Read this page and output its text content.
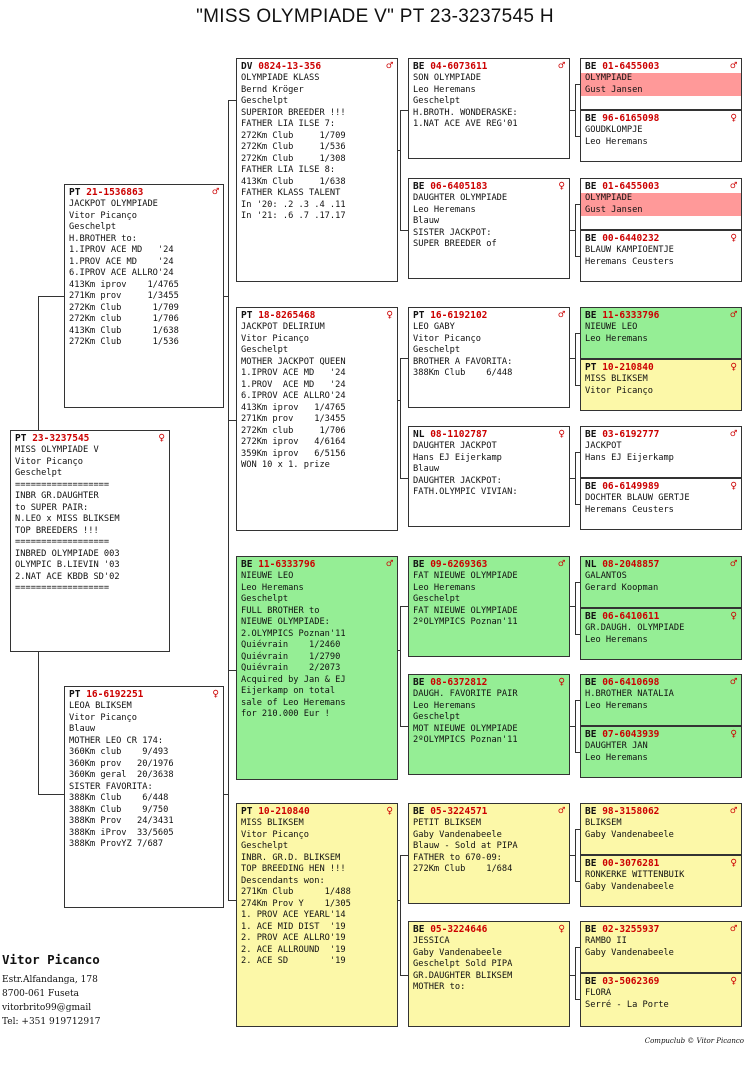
"MISS OLYMPIADE V" PT 23-3237545 H
PT 23-3237545	♀
MISS OLYMPIADE V
Vitor Picanço
Geschelpt
==================
INBR GR.DAUGHTER
to SUPER PAIR:
N.LEO x MISS BLIKSEM
TOP BREEDERS !!!
==================
INBRED OLYMPIADE 003
OLYMPIC B.LIEVIN '03
2.NAT ACE KBDB SD'02
==================
PT 21-1536863	♂
JACKPOT OLYMPIADE
Vitor Picanço
Geschelpt
H.BROTHER to:
1.IPROV ACE MD   '24
1.PROV ACE MD    '24
6.IPROV ACE ALLRO'24
413Km iprov    1/4765
271Km prov     1/3455
272Km Club      1/709
272Km club      1/706
413Km Club      1/638
272Km Club      1/536
PT 16-6192251	♀
LEOA BLIKSEM
Vitor Picanço
Blauw
MOTHER LEO CR 174:
360Km club    9/493
360Km prov   20/1976
360Km geral  20/3638
SISTER FAVORITA:
388Km Club    6/448
388Km Club    9/750
388Km Prov   24/3431
388Km iProv  33/5605
388Km ProvYZ 7/687
DV 0824-13-356	♂
OLYMPIADE KLASS
Bernd Kröger
Geschelpt
SUPERIOR BREEDER !!!
FATHER LIA ILSE 7:
272Km Club     1/709
272Km Club     1/536
272Km Club     1/308
FATHER LIA ILSE 8:
413Km Club     1/638
FATHER KLASS TALENT
In '20: .2 .3 .4 .11
In '21: .6 .7 .17.17
PT 18-8265468	♀
JACKPOT DELIRIUM
Vitor Picanço
Geschelpt
MOTHER JACKPOT QUEEN
1.IPROV ACE MD   '24
1.PROV  ACE MD   '24
6.IPROV ACE ALLRO'24
413Km iprov   1/4765
271Km prov    1/3455
272Km club     1/706
272Km iprov   4/6164
359Km iprov   6/5156
WON 10 x 1. prize
BE 11-6333796	♂
NIEUWE LEO
Leo Heremans
Geschelpt
FULL BROTHER to
NIEUWE OLYMPIADE:
2.OLYMPICS Poznan'11
Quiévrain    1/2460
Quiévrain    1/2790
Quiévrain    2/2073
Acquired by Jan & EJ
Eijerkamp on total
sale of Leo Heremans
for 210.000 Eur !
PT 10-210840	♀
MISS BLIKSEM
Vitor Picanço
Geschelpt
INBR. GR.D. BLIKSEM
TOP BREEDING HEN !!!
Descendants won:
271Km Club      1/488
274Km Prov Y    1/305
1. PROV ACE YEARL'14
1. ACE MID DIST  '19
2. PROV ACE ALLRO'19
2. ACE ALLROUND  '19
2. ACE SD        '19
BE 04-6073611	♂
SON OLYMPIADE
Leo Heremans
Geschelpt
H.BROTH. WONDERASKE:
1.NAT ACE AVE REG'01
BE 06-6405183	♀
DAUGHTER OLYMPIADE
Leo Heremans
Blauw
SISTER JACKPOT:
SUPER BREEDER of
PT 16-6192102	♂
LEO GABY
Vitor Picanço
Geschelpt
BROTHER A FAVORITA:
388Km Club    6/448
NL 08-1102787	♀
DAUGHTER JACKPOT
Hans EJ Eijerkamp
Blauw
DAUGHTER JACKPOT:
FATH.OLYMPIC VIVIAN:
BE 09-6269363	♂
FAT NIEUWE OLYMPIADE
Leo Heremans
Geschelpt
FAT NIEUWE OLYMPIADE
2ºOLYMPICS Poznan'11
BE 08-6372812	♀
DAUGH. FAVORITE PAIR
Leo Heremans
Geschelpt
MOT NIEUWE OLYMPIADE
2ºOLYMPICS Poznan'11
BE 05-3224571	♂
PETIT BLIKSEM
Gaby Vandenabeele
Blauw - Sold at PIPA
FATHER to 670-09:
272Km Club    1/684
BE 05-3224646	♀
JESSICA
Gaby Vandenabeele
Geschelpt Sold PIPA
GR.DAUGHTER BLIKSEM
MOTHER to:
BE 01-6455003	♂
OLYMPIADE
Gust Jansen
BE 96-6165098	♀
GOUDKLOMPJE
Leo Heremans
BE 01-6455003	♂
OLYMPIADE
Gust Jansen
BE 00-6440232	♀
BLAUW KAMPIOENTJE
Heremans Ceusters
BE 11-6333796	♂
NIEUWE LEO
Leo Heremans
PT 10-210840	♀
MISS BLIKSEM
Vitor Picanço
BE 03-6192777	♂
JACKPOT
Hans EJ Eijerkamp
BE 06-6149989	♀
DOCHTER BLAUW GERTJE
Heremans Ceusters
NL 08-2048857	♂
GALANTOS
Gerard Koopman
BE 06-6410611	♀
GR.DAUGH. OLYMPIADE
Leo Heremans
BE 06-6410698	♂
H.BROTHER NATALIA
Leo Heremans
BE 07-6043939	♀
DAUGHTER JAN
Leo Heremans
BE 98-3158062	♂
BLIKSEM
Gaby Vandenabeele
BE 00-3076281	♀
RONKERKE WITTENBUIK
Gaby Vandenabeele
BE 02-3255937	♂
RAMBO II
Gaby Vandenabeele
BE 03-5062369	♀
FLORA
Serré - La Porte
Vitor Picanco
Estr.Alfandanga, 178
8700-061 Fuseta
vitorbrito99@gmail
Tel: +351 919712917
Compuclub © Vitor Picanco
